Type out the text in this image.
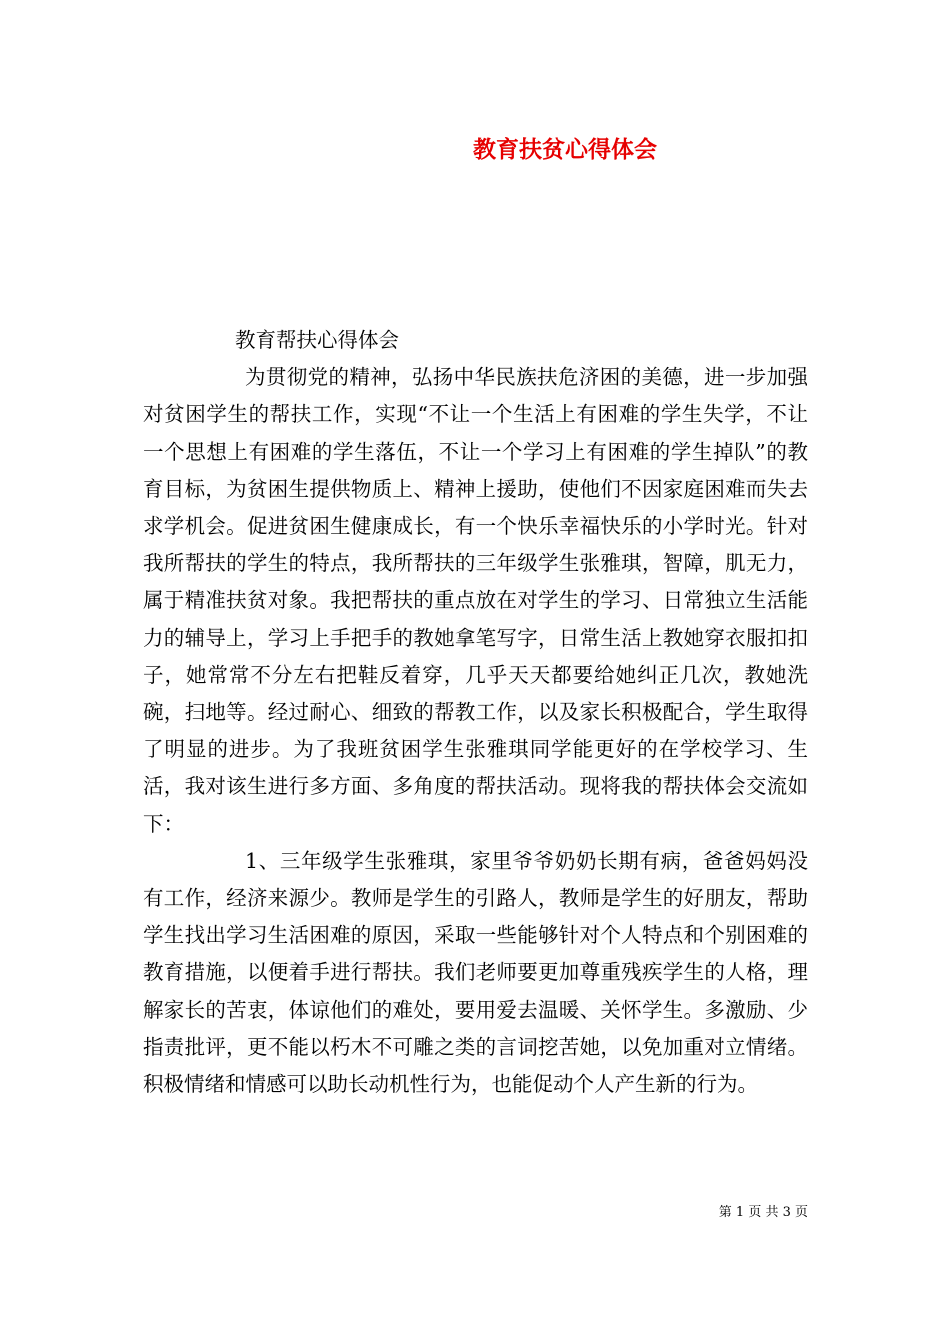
教育扶贫心得体会

教育帮扶心得体会

为贯彻党的精神，弘扬中华民族扶危济困的美德，进一步加强对贫困学生的帮扶工作，实现“不让一个生活上有困难的学生失学，不让一个思想上有困难的学生落伍，不让一个学习上有困难的学生掉队”的教育目标，为贫困生提供物质上、精神上援助，使他们不因家庭困难而失去求学机会。促进贫困生健康成长，有一个快乐幸福快乐的小学时光。针对我所帮扶的学生的特点，我所帮扶的三年级学生张雅琪，智障，肌无力，属于精准扶贫对象。我把帮扶的重点放在对学生的学习、日常独立生活能力的辅导上，学习上手把手的教她拿笔写字，日常生活上教她穿衣服扣扣子，她常常不分左右把鞋反着穿，几乎天天都要给她纠正几次，教她洗碗，扫地等。经过耐心、细致的帮教工作，以及家长积极配合，学生取得了明显的进步。为了我班贫困学生张雅琪同学能更好的在学校学习、生活，我对该生进行多方面、多角度的帮扶活动。现将我的帮扶体会交流如下：

1、三年级学生张雅琪，家里爷爷奶奶长期有病，爸爸妈妈没有工作，经济来源少。教师是学生的引路人，教师是学生的好朋友，帮助学生找出学习生活困难的原因，采取一些能够针对个人特点和个别困难的教育措施，以便着手进行帮扶。我们老师要更加尊重残疾学生的人格，理解家长的苦衷，体谅他们的难处，要用爱去温暖、关怀学生。多激励、少指责批评，更不能以朽木不可雕之类的言词挖苦她，以免加重对立情绪。积极情绪和情感可以助长动机性行为，也能促动个人产生新的行为。

第 1 页 共 3 页
